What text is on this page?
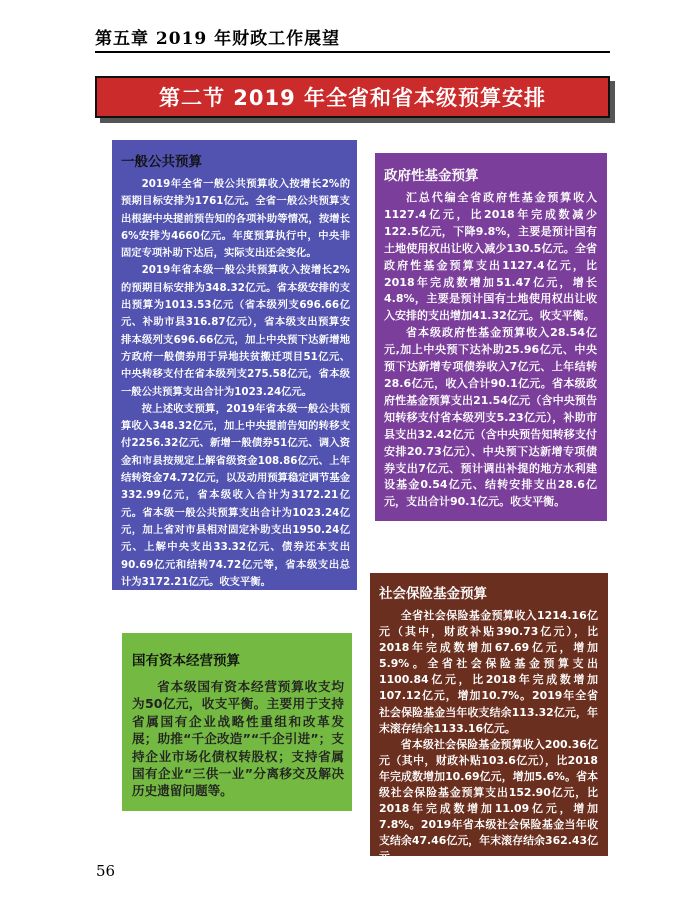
第五章 2019 年财政工作展望
第二节 2019 年全省和省本级预算安排
一般公共预算

2019年全省一般公共预算收入按增长2%的预期目标安排为1761亿元。全省一般公共预算支出根据中央提前预告知的各项补助等情况，按增长6%安排为4660亿元。年度预算执行中，中央非固定专项补助下达后，实际支出还会变化。

2019年省本级一般公共预算收入按增长2%的预期目标安排为348.32亿元。省本级安排的支出预算为1013.53亿元（省本级列支696.66亿元、补助市县316.87亿元），省本级支出预算安排本级列支696.66亿元，加上中央预下达新增地方政府一般债券用于异地扶贫搬迁项目51亿元、中央转移支付在省本级列支275.58亿元，省本级一般公共预算支出合计为1023.24亿元。

按上述收支预算，2019年省本级一般公共预算收入348.32亿元，加上中央提前告知的转移支付2256.32亿元、新增一般债券51亿元、调入资金和市县按规定上解省级资金108.86亿元、上年结转资金74.72亿元，以及动用预算稳定调节基金332.99亿元，省本级收入合计为3172.21亿元。省本级一般公共预算支出合计为1023.24亿元，加上省对市县相对固定补助支出1950.24亿元、上解中央支出33.32亿元、债券还本支出90.69亿元和结转74.72亿元等，省本级支出总计为3172.21亿元。收支平衡。

政府性基金预算

汇总代编全省政府性基金预算收入1127.4亿元，比2018年完成数减少122.5亿元，下降9.8%，主要是预计国有土地使用权出让收入减少130.5亿元。全省政府性基金预算支出1127.4亿元，比2018年完成数增加51.47亿元，增长4.8%，主要是预计国有土地使用权出让收入安排的支出增加41.32亿元。收支平衡。

省本级政府性基金预算收入28.54亿元,加上中央预下达补助25.96亿元、中央预下达新增专项债券收入7亿元、上年结转28.6亿元，收入合计90.1亿元。省本级政府性基金预算支出21.54亿元（含中央预告知转移支付省本级列支5.23亿元），补助市县支出32.42亿元（含中央预告知转移支付安排20.73亿元）、中央预下达新增专项债券支出7亿元、预计调出补提的地方水利建设基金0.54亿元、结转安排支出28.6亿元，支出合计90.1亿元。收支平衡。

国有资本经营预算

省本级国有资本经营预算收支均为50亿元，收支平衡。主要用于支持省属国有企业战略性重组和改革发展；助推“千企改造”“千企引进”；支持企业市场化债权转股权；支持省属国有企业“三供一业”分离移交及解决历史遗留问题等。

社会保险基金预算

全省社会保险基金预算收入1214.16亿元（其中，财政补贴390.73亿元），比2018年完成数增加67.69亿元，增加5.9%。全省社会保险基金预算支出1100.84亿元，比2018年完成数增加107.12亿元，增加10.7%。2019年全省社会保险基金当年收支结余113.32亿元，年末滚存结余1133.16亿元。

省本级社会保险基金预算收入200.36亿元（其中，财政补贴103.6亿元），比2018年完成数增加10.69亿元，增加5.6%。省本级社会保险基金预算支出152.90亿元，比2018年完成数增加11.09亿元，增加7.8%。2019年省本级社会保险基金当年收支结余47.46亿元，年末滚存结余362.43亿元。

56
